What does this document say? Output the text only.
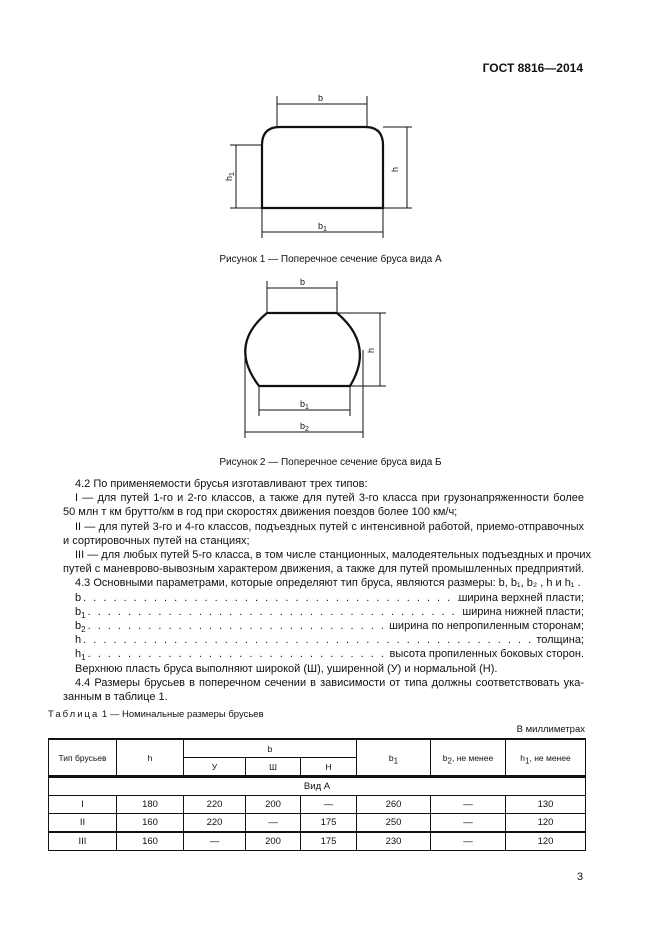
ГОСТ 8816—2014
b
$b_1$
h
$h_1$
Рисунок 1 — Поперечное сечение бруса вида А
b
$b_1$
$b_2$
h
Рисунок 2 — Поперечное сечение бруса вида Б
4.2 По применяемости брусья изготавливают трех типов:
I — для путей 1-го и 2-го классов, а также для путей 3-го класса при грузонапряженности более
50 млн т км брутто/км в год при скоростях движения поездов более 100 км/ч;
II — для путей 3-го и 4-го классов, подъездных путей с интенсивной работой, приемо-отправочных
и сортировочных путей на станциях;
III — для любых путей 5-го класса, в том числе станционных, малодеятельных подъездных и прочих
путей с маневрово-вывозным характером движения, а также для путей промышленных предприятий.
4.3 Основными параметрами, которые определяют тип бруса, являются размеры: b, b₁, b₂ , h и h₁ .
b . . .	ширина верхней пласти;
$b_1$ . . .	ширина нижней пласти;
$b_2$ . . .	ширина по непропиленным сторонам;
h . . .	толщина;
$h_1$ . . .	высота пропиленных боковых сторон.
Верхнюю пласть бруса выполняют широкой (Ш), уширенной (У) и нормальной (Н).
4.4 Размеры брусьев в поперечном сечении в зависимости от типа должны соответствовать ука-
занным в таблице 1.
Таблица 1 — Номинальные размеры брусьев
В миллиметрах
Тип брусьев	h	b			$b_1$	$b_2$, не менее	$h_1$, не менее
		У	Ш	Н			
Вид А							
I	180	220	200	—	260	—	130
II	160	220	—	175	250	—	120
III	160	—	200	175	230	—	120
3
